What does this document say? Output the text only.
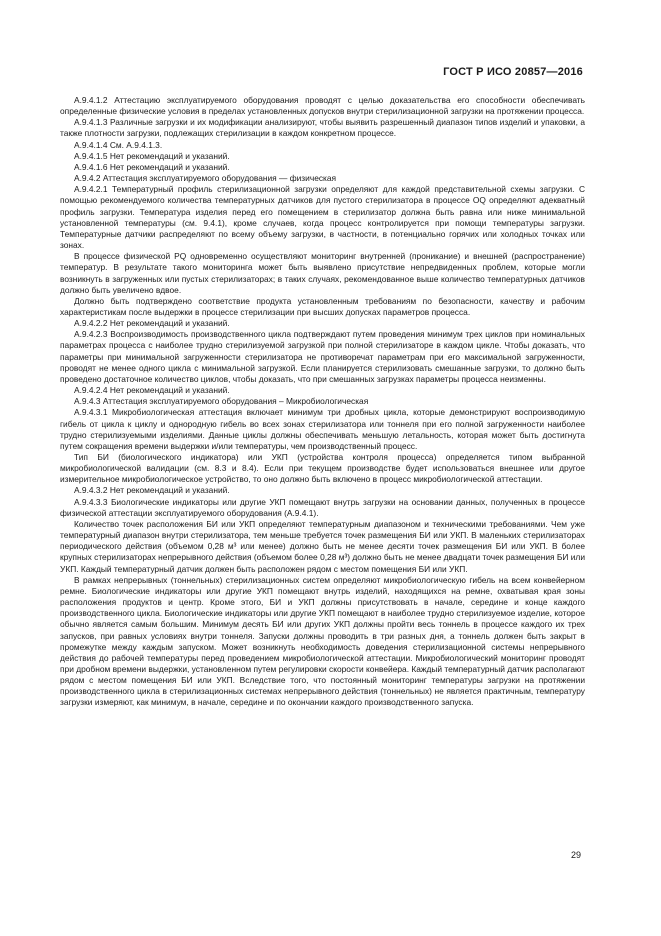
ГОСТ Р ИСО 20857—2016

А.9.4.1.2 Аттестацию эксплуатируемого оборудования проводят с целью доказательства его способности обеспечивать определенные физические условия в пределах установленных допусков внутри стерилизационной загрузки на протяжении процесса.

А.9.4.1.3 Различные загрузки и их модификации анализируют, чтобы выявить разрешенный диапазон типов изделий и упаковки, а также плотности загрузки, подлежащих стерилизации в каждом конкретном процессе.

А.9.4.1.4 См. А.9.4.1.3.

А.9.4.1.5 Нет рекомендаций и указаний.

А.9.4.1.6 Нет рекомендаций и указаний.

А.9.4.2 Аттестация эксплуатируемого оборудования — физическая

А.9.4.2.1 Температурный профиль стерилизационной загрузки определяют для каждой представительной схемы загрузки. С помощью рекомендуемого количества температурных датчиков для пустого стерилизатора в процессе OQ определяют адекватный профиль загрузки. Температура изделия перед его помещением в стерилизатор должна быть равна или ниже минимальной установленной температуры (см. 9.4.1), кроме случаев, когда процесс контролируется при помощи температуры загрузки. Температурные датчики распределяют по всему объему загрузки, в частности, в потенциально горячих или холодных точках или зонах.

В процессе физической PQ одновременно осуществляют мониторинг внутренней (проникание) и внешней (распространение) температур. В результате такого мониторинга может быть выявлено присутствие непредвиденных проблем, которые могли возникнуть в загруженных или пустых стерилизаторах; в таких случаях, рекомендованное выше количество температурных датчиков должно быть увеличено вдвое.

Должно быть подтверждено соответствие продукта установленным требованиям по безопасности, качеству и рабочим характеристикам после выдержки в процессе стерилизации при высших допусках параметров процесса.

А.9.4.2.2 Нет рекомендаций и указаний.

А.9.4.2.3 Воспроизводимость производственного цикла подтверждают путем проведения минимум трех циклов при номинальных параметрах процесса с наиболее трудно стерилизуемой загрузкой при полной стерилизаторе в каждом цикле. Чтобы доказать, что параметры при минимальной загруженности стерилизатора не противоречат параметрам при его максимальной загруженности, проводят не менее одного цикла с минимальной загрузкой. Если планируется стерилизовать смешанные загрузки, то должно быть проведено достаточное количество циклов, чтобы доказать, что при смешанных загрузках параметры процесса неизменны.

А.9.4.2.4 Нет рекомендаций и указаний.

А.9.4.3 Аттестация эксплуатируемого оборудования – Микробиологическая

А.9.4.3.1 Микробиологическая аттестация включает минимум три дробных цикла, которые демонстрируют воспроизводимую гибель от цикла к циклу и однородную гибель во всех зонах стерилизатора или тоннеля при его полной загруженности наиболее трудно стерилизуемыми изделиями. Данные циклы должны обеспечивать меньшую летальность, которая может быть достигнута путем сокращения времени выдержки и/или температуры, чем производственный процесс.

Тип БИ (биологического индикатора) или УКП (устройства контроля процесса) определяется типом выбранной микробиологической валидации (см. 8.3 и 8.4). Если при текущем производстве будет использоваться внешнее или другое измерительное микробиологическое устройство, то оно должно быть включено в процесс микробиологической аттестации.

А.9.4.3.2 Нет рекомендаций и указаний.

А.9.4.3.3 Биологические индикаторы или другие УКП помещают внутрь загрузки на основании данных, полученных в процессе физической аттестации эксплуатируемого оборудования (А.9.4.1).

Количество точек расположения БИ или УКП определяют температурным диапазоном и техническими требованиями. Чем уже температурный диапазон внутри стерилизатора, тем меньше требуется точек размещения БИ или УКП. В маленьких стерилизаторах периодического действия (объемом 0,28 м³ или менее) должно быть не менее десяти точек размещения БИ или УКП. В более крупных стерилизаторах непрерывного действия (объемом более 0,28 м³) должно быть не менее двадцати точек размещения БИ или УКП. Каждый температурный датчик должен быть расположен рядом с местом помещения БИ или УКП.

В рамках непрерывных (тоннельных) стерилизационных систем определяют микробиологическую гибель на всем конвейерном ремне. Биологические индикаторы или другие УКП помещают внутрь изделий, находящихся на ремне, охватывая края зоны расположения продуктов и центр. Кроме этого, БИ и УКП должны присутствовать в начале, середине и конце каждого производственного цикла. Биологические индикаторы или другие УКП помещают в наиболее трудно стерилизуемое изделие, которое обычно является самым большим. Минимум десять БИ или других УКП должны пройти весь тоннель в процессе каждого их трех запусков, при равных условиях внутри тоннеля. Запуски должны проводить в три разных дня, а тоннель должен быть закрыт в промежутке между каждым запуском. Может возникнуть необходимость доведения стерилизационной системы непрерывного действия до рабочей температуры перед проведением микробиологической аттестации. Микробиологический мониторинг проводят при дробном времени выдержки, установленном путем регулировки скорости конвейера. Каждый температурный датчик располагают рядом с местом помещения БИ или УКП. Вследствие того, что постоянный мониторинг температуры загрузки на протяжении производственного цикла в стерилизационных системах непрерывного действия (тоннельных) не является практичным, температуру загрузки измеряют, как минимум, в начале, середине и по окончании каждого производственного запуска.

29
